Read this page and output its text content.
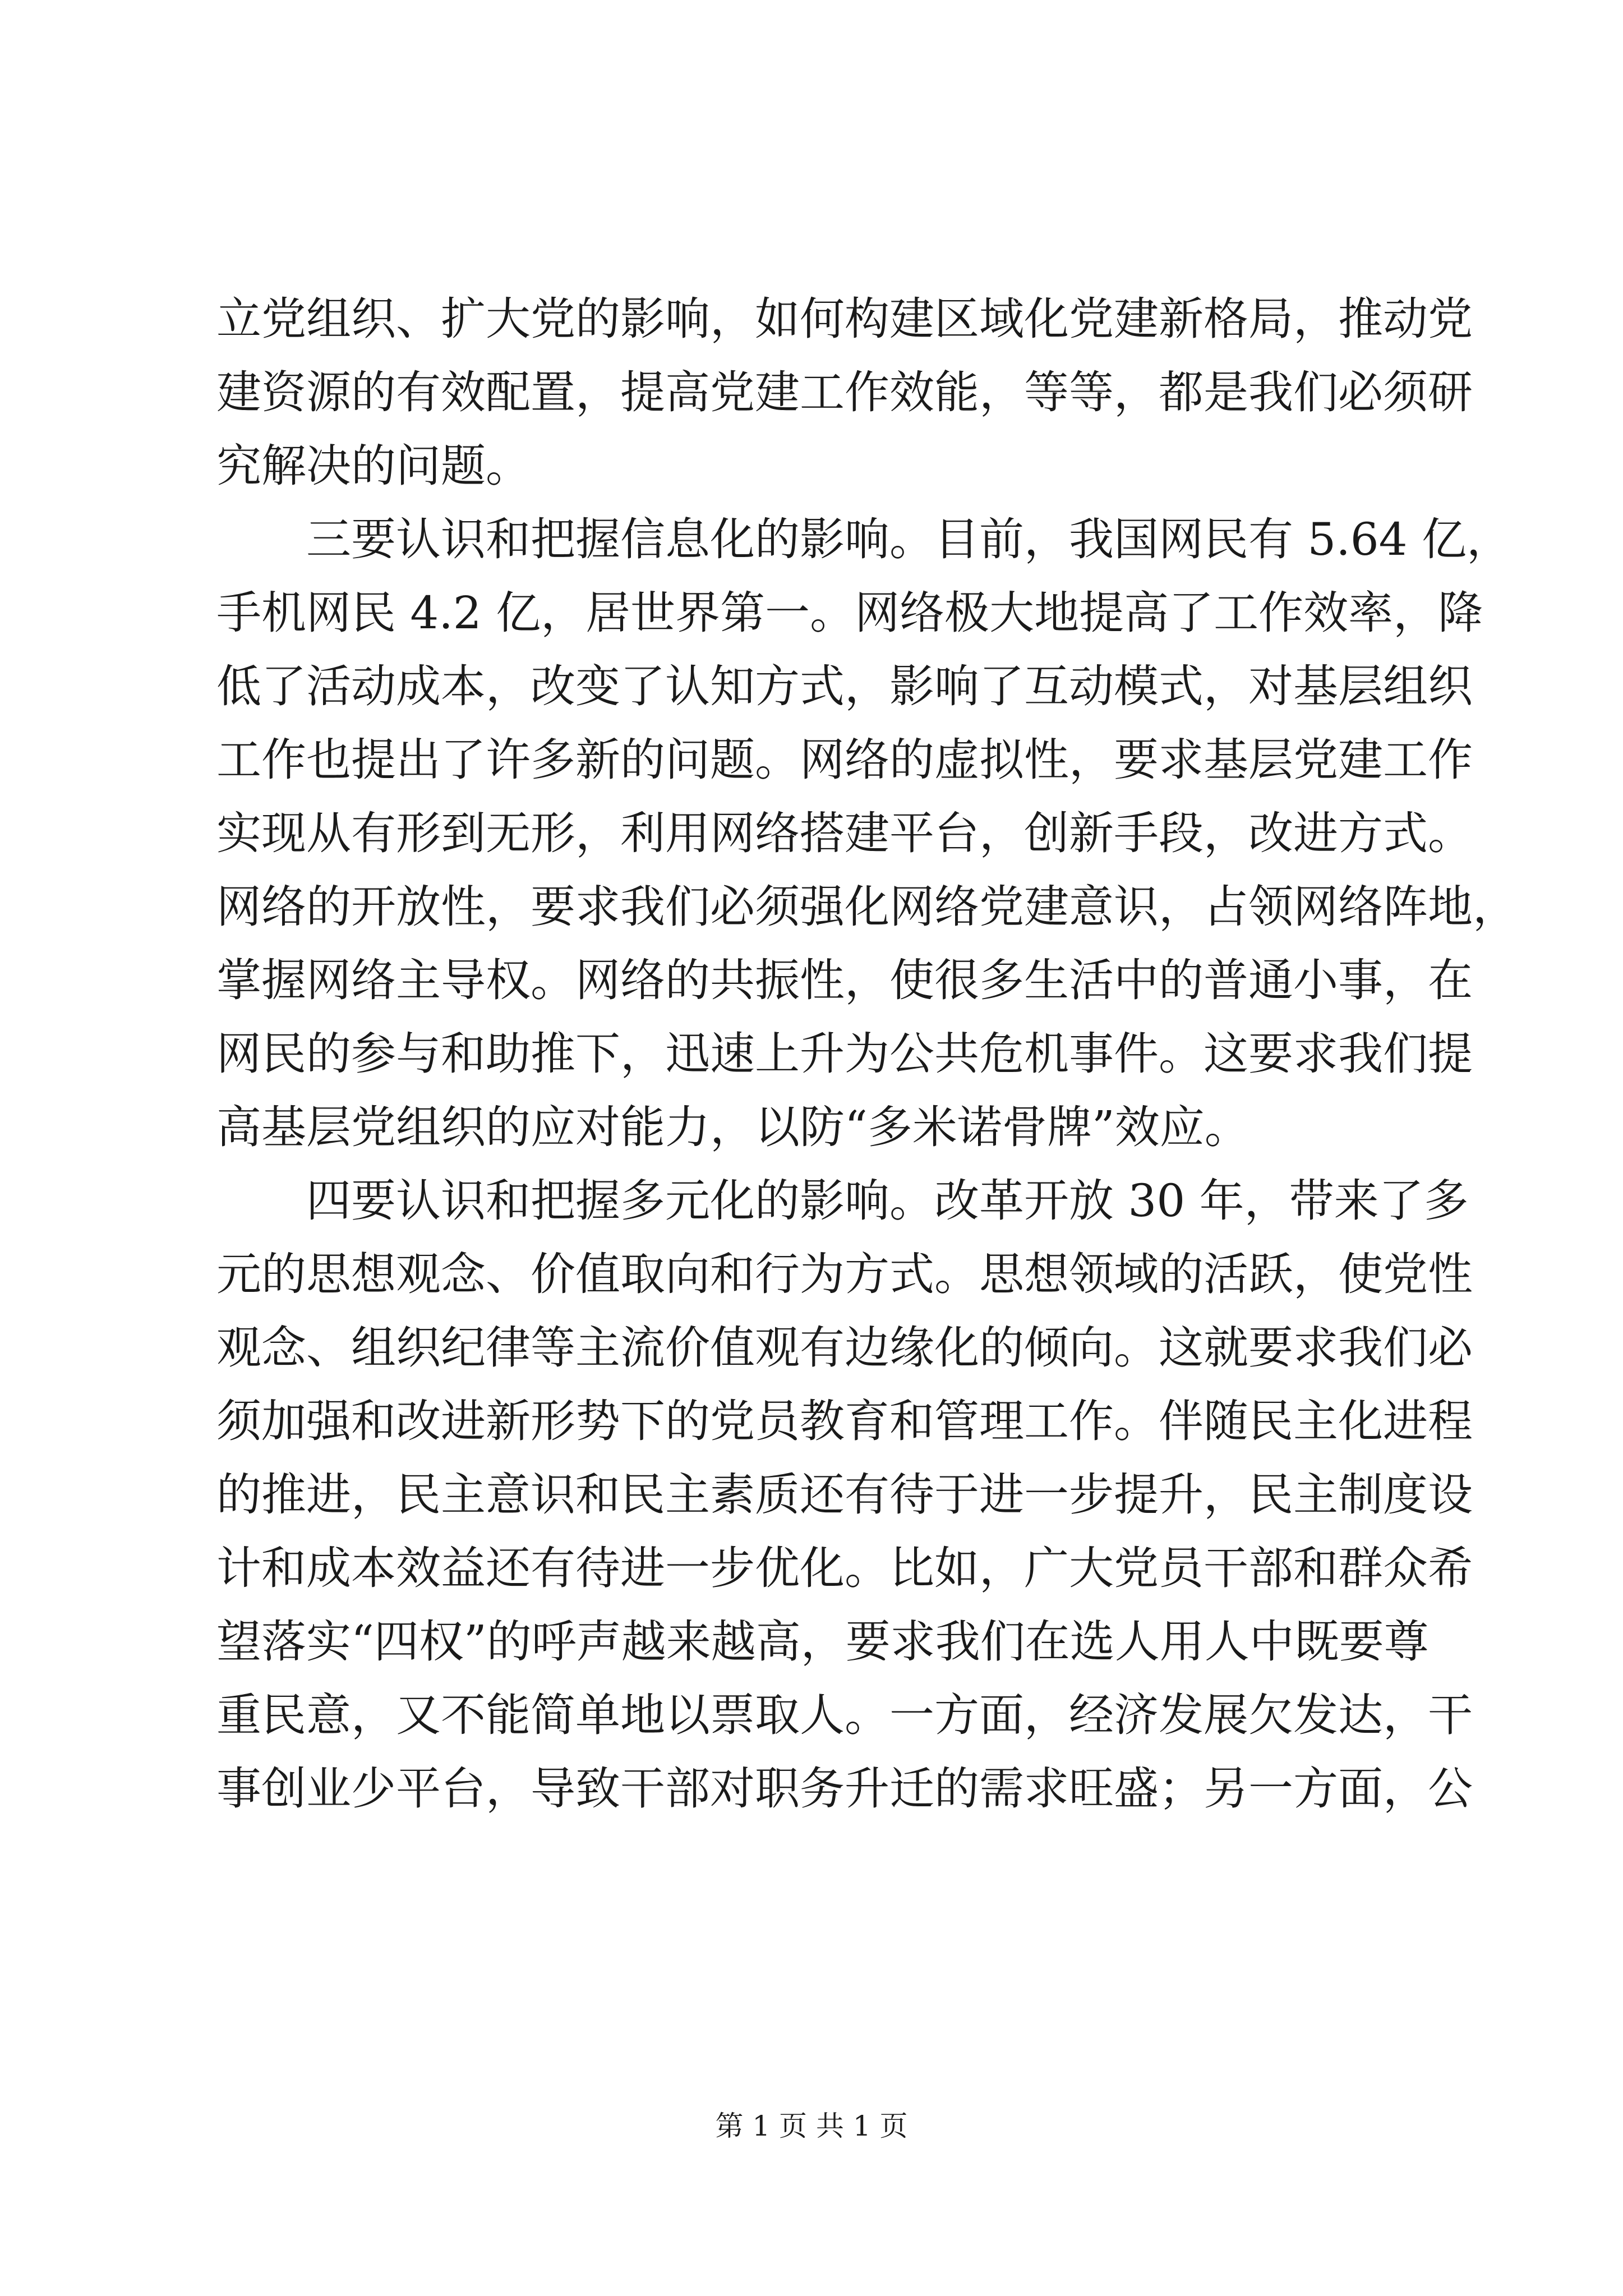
立党组织、扩大党的影响，如何构建区域化党建新格局，推动党
建资源的有效配置，提高党建工作效能，等等，都是我们必须研
究解决的问题。
三要认识和把握信息化的影响。目前，我国网民有 5.64 亿，
手机网民 4.2 亿，居世界第一。网络极大地提高了工作效率，降
低了活动成本，改变了认知方式，影响了互动模式，对基层组织
工作也提出了许多新的问题。网络的虚拟性，要求基层党建工作
实现从有形到无形，利用网络搭建平台，创新手段，改进方式。
网络的开放性，要求我们必须强化网络党建意识，占领网络阵地，
掌握网络主导权。网络的共振性，使很多生活中的普通小事，在
网民的参与和助推下，迅速上升为公共危机事件。这要求我们提
高基层党组织的应对能力，以防“多米诺骨牌”效应。
四要认识和把握多元化的影响。改革开放 30 年，带来了多
元的思想观念、价值取向和行为方式。思想领域的活跃，使党性
观念、组织纪律等主流价值观有边缘化的倾向。这就要求我们必
须加强和改进新形势下的党员教育和管理工作。伴随民主化进程
的推进，民主意识和民主素质还有待于进一步提升，民主制度设
计和成本效益还有待进一步优化。比如，广大党员干部和群众希
望落实“四权”的呼声越来越高，要求我们在选人用人中既要尊
重民意，又不能简单地以票取人。一方面，经济发展欠发达，干
事创业少平台，导致干部对职务升迁的需求旺盛；另一方面，公
第 1 页 共 1 页
